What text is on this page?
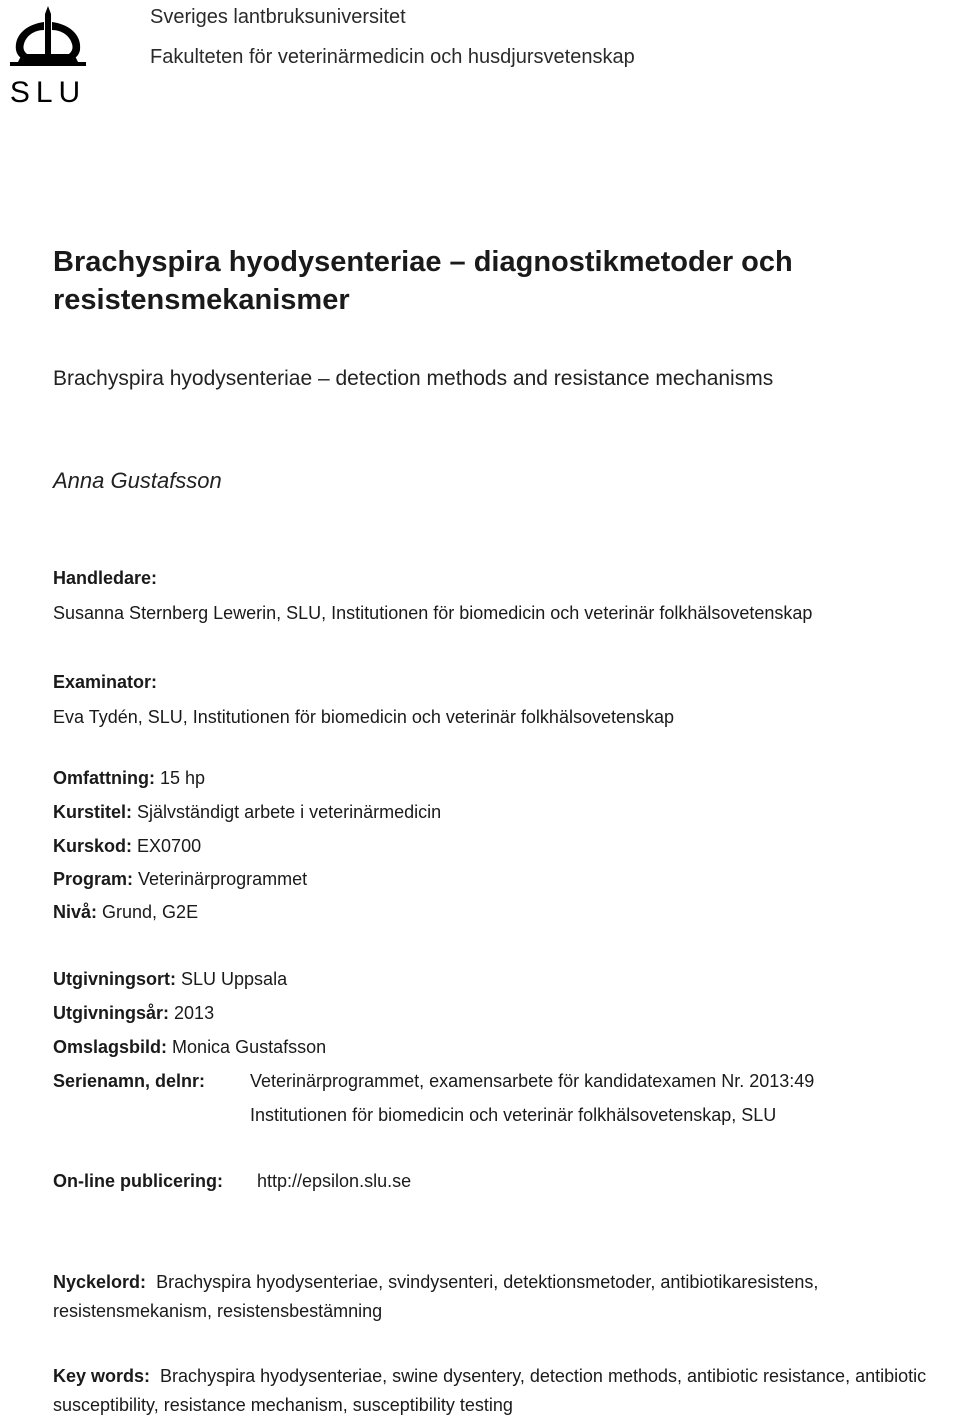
SLU
Sveriges lantbruksuniversitet
Fakulteten för veterinärmedicin och husdjursvetenskap
Brachyspira hyodysenteriae – diagnostikmetoder och
resistensmekanismer
Brachyspira hyodysenteriae – detection methods and resistance mechanisms
Anna Gustafsson
Handledare:
Susanna Sternberg Lewerin, SLU, Institutionen för biomedicin och veterinär folkhälsovetenskap
Examinator:
Eva Tydén, SLU, Institutionen för biomedicin och veterinär folkhälsovetenskap
Omfattning: 15 hp
Kurstitel: Självständigt arbete i veterinärmedicin
Kurskod: EX0700
Program: Veterinärprogrammet
Nivå: Grund, G2E
Utgivningsort: SLU Uppsala
Utgivningsår: 2013
Omslagsbild: Monica Gustafsson
Serienamn, delnr: Veterinärprogrammet, examensarbete för kandidatexamen Nr. 2013:49
Institutionen för biomedicin och veterinär folkhälsovetenskap, SLU
On-line publicering: http://epsilon.slu.se
Nyckelord: Brachyspira hyodysenteriae, svindysenteri, detektionsmetoder, antibiotikaresistens, resistensmekanism, resistensbestämning
Key words: Brachyspira hyodysenteriae, swine dysentery, detection methods, antibiotic resistance, antibiotic susceptibility, resistance mechanism, susceptibility testing
